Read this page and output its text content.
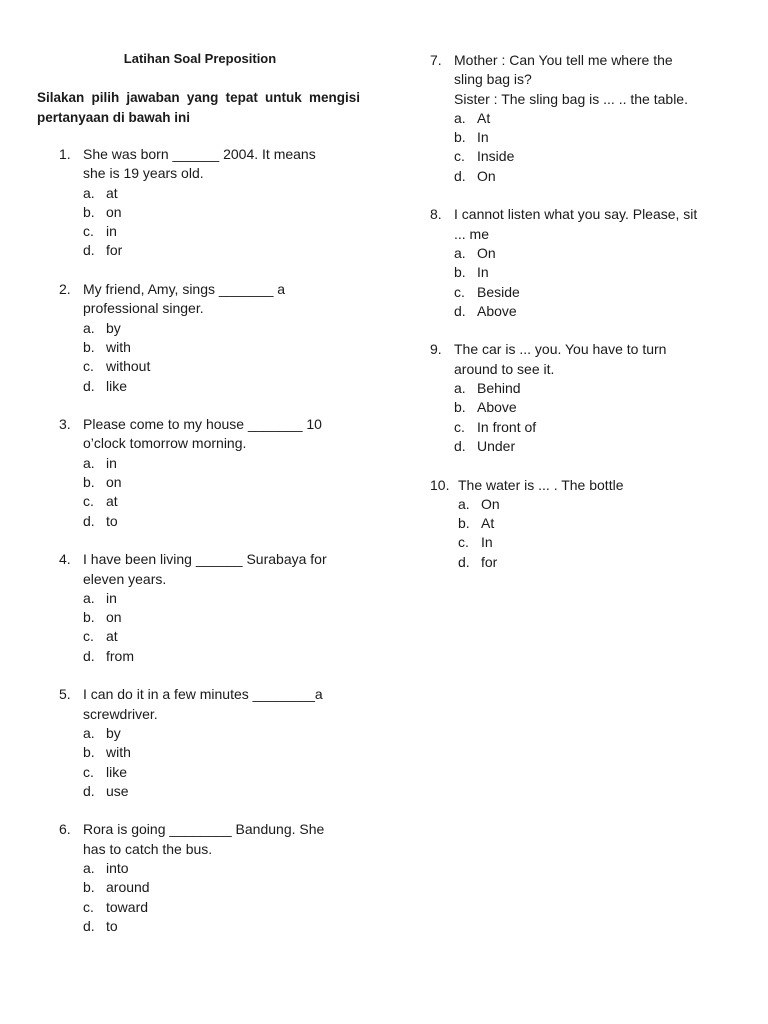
Latihan Soal Preposition

Silakan pilih jawaban yang tepat untuk mengisi pertanyaan di bawah ini

1. She was born ______ 2004. It means
she is 19 years old.

a. at
b. on
c. in
d. for
2. My friend, Amy, sings _______ a
professional singer.

a. by
b. with
c. without
d. like
3. Please come to my house _______ 10
o’clock tomorrow morning.

a. in
b. on
c. at
d. to
4. I have been living ______ Surabaya for
eleven years.

a. in
b. on
c. at
d. from
5. I can do it in a few minutes ________a
screwdriver.

a. by
b. with
c. like
d. use
6. Rora is going ________ Bandung. She
has to catch the bus.

a. into
b. around
c. toward
d. to
7. Mother : Can You tell me where the
sling bag is?
Sister : The sling bag is ... .. the table.

a. At
b. In
c. Inside
d. On
8. I cannot listen what you say. Please, sit
... me

a. On
b. In
c. Beside
d. Above
9. The car is ... you. You have to turn
around to see it.

a. Behind
b. Above
c. In front of
d. Under
10. The water is ... . The bottle

a. On
b. At
c. In
d. for
